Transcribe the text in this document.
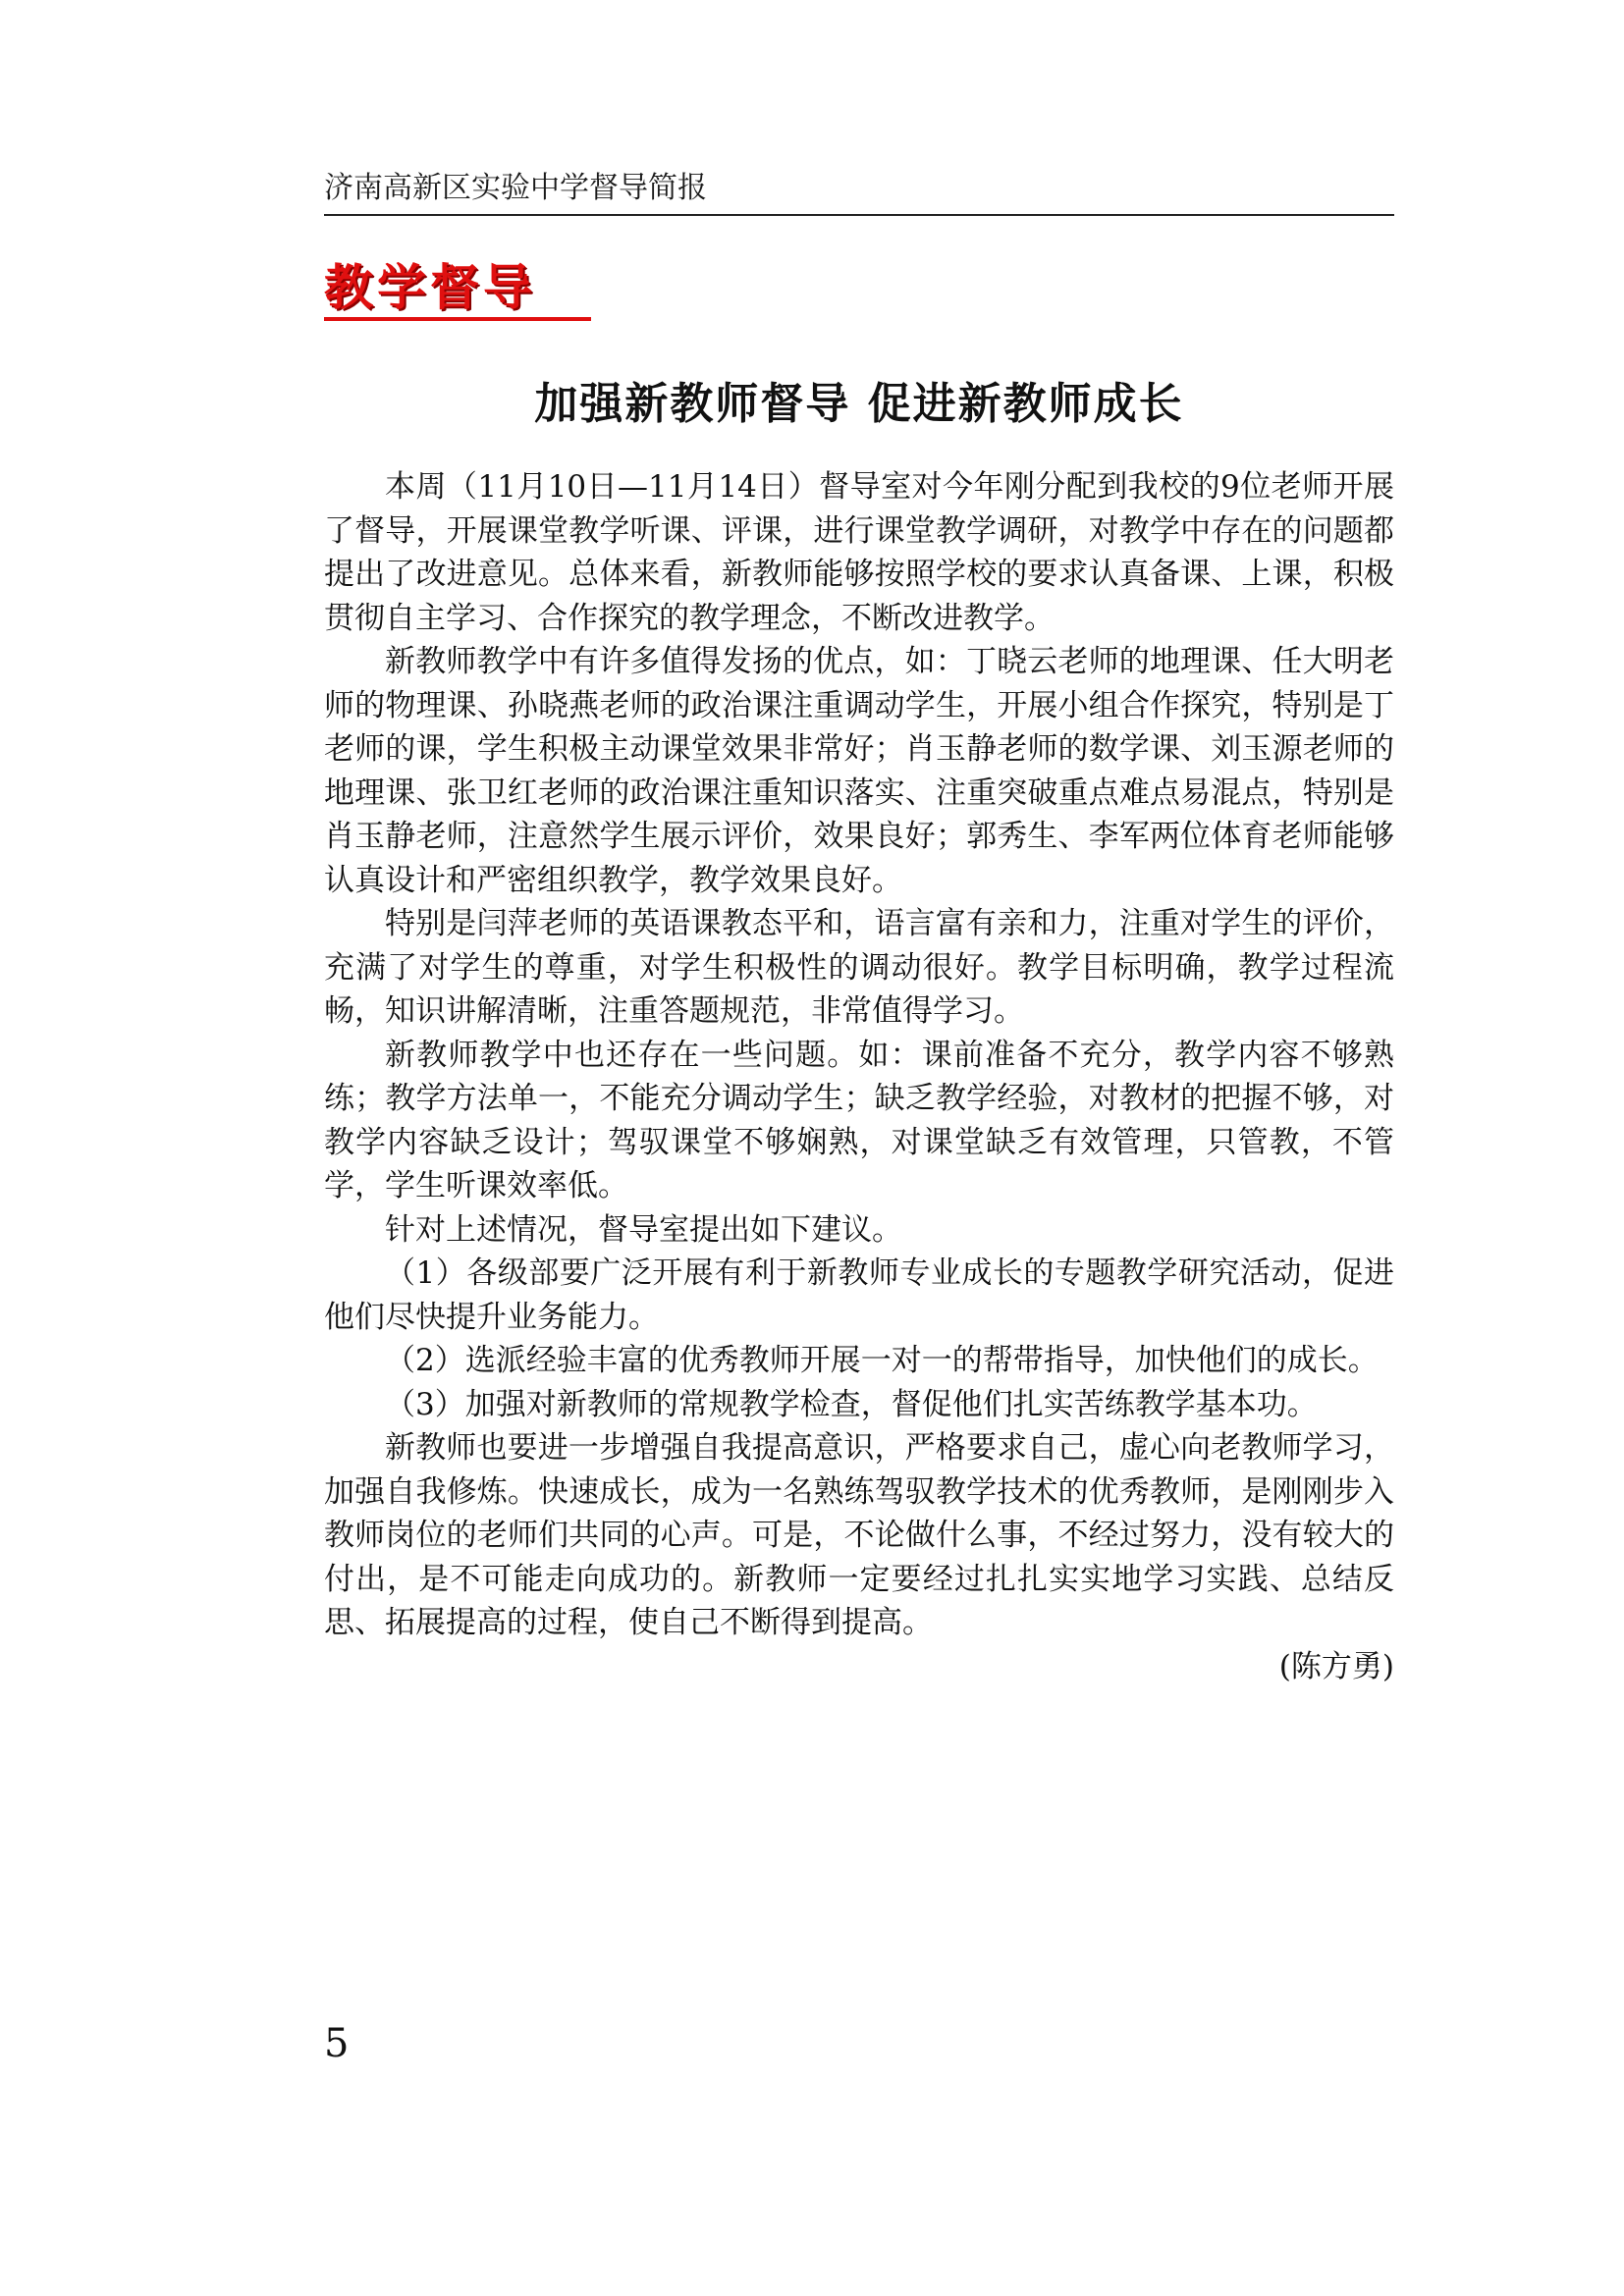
济南高新区实验中学督导简报
教学督导
加强新教师督导 促进新教师成长

本周（11月10日—11月14日）督导室对今年刚分配到我校的9位老师开展了督导，开展课堂教学听课、评课，进行课堂教学调研，对教学中存在的问题都提出了改进意见。总体来看，新教师能够按照学校的要求认真备课、上课，积极贯彻自主学习、合作探究的教学理念，不断改进教学。

新教师教学中有许多值得发扬的优点，如：丁晓云老师的地理课、任大明老师的物理课、孙晓燕老师的政治课注重调动学生，开展小组合作探究，特别是丁老师的课，学生积极主动课堂效果非常好；肖玉静老师的数学课、刘玉源老师的地理课、张卫红老师的政治课注重知识落实、注重突破重点难点易混点，特别是肖玉静老师，注意然学生展示评价，效果良好；郭秀生、李军两位体育老师能够认真设计和严密组织教学，教学效果良好。

特别是闫萍老师的英语课教态平和，语言富有亲和力，注重对学生的评价，充满了对学生的尊重，对学生积极性的调动很好。教学目标明确，教学过程流畅，知识讲解清晰，注重答题规范，非常值得学习。

新教师教学中也还存在一些问题。如：课前准备不充分，教学内容不够熟练；教学方法单一，不能充分调动学生；缺乏教学经验，对教材的把握不够，对教学内容缺乏设计；驾驭课堂不够娴熟，对课堂缺乏有效管理，只管教，不管学，学生听课效率低。

针对上述情况，督导室提出如下建议。

（1）各级部要广泛开展有利于新教师专业成长的专题教学研究活动，促进他们尽快提升业务能力。

（2）选派经验丰富的优秀教师开展一对一的帮带指导，加快他们的成长。

（3）加强对新教师的常规教学检查，督促他们扎实苦练教学基本功。

新教师也要进一步增强自我提高意识，严格要求自己，虚心向老教师学习，加强自我修炼。快速成长，成为一名熟练驾驭教学技术的优秀教师，是刚刚步入教师岗位的老师们共同的心声。可是，不论做什么事，不经过努力，没有较大的付出，是不可能走向成功的。新教师一定要经过扎扎实实地学习实践、总结反思、拓展提高的过程，使自己不断得到提高。

(陈方勇)

5
